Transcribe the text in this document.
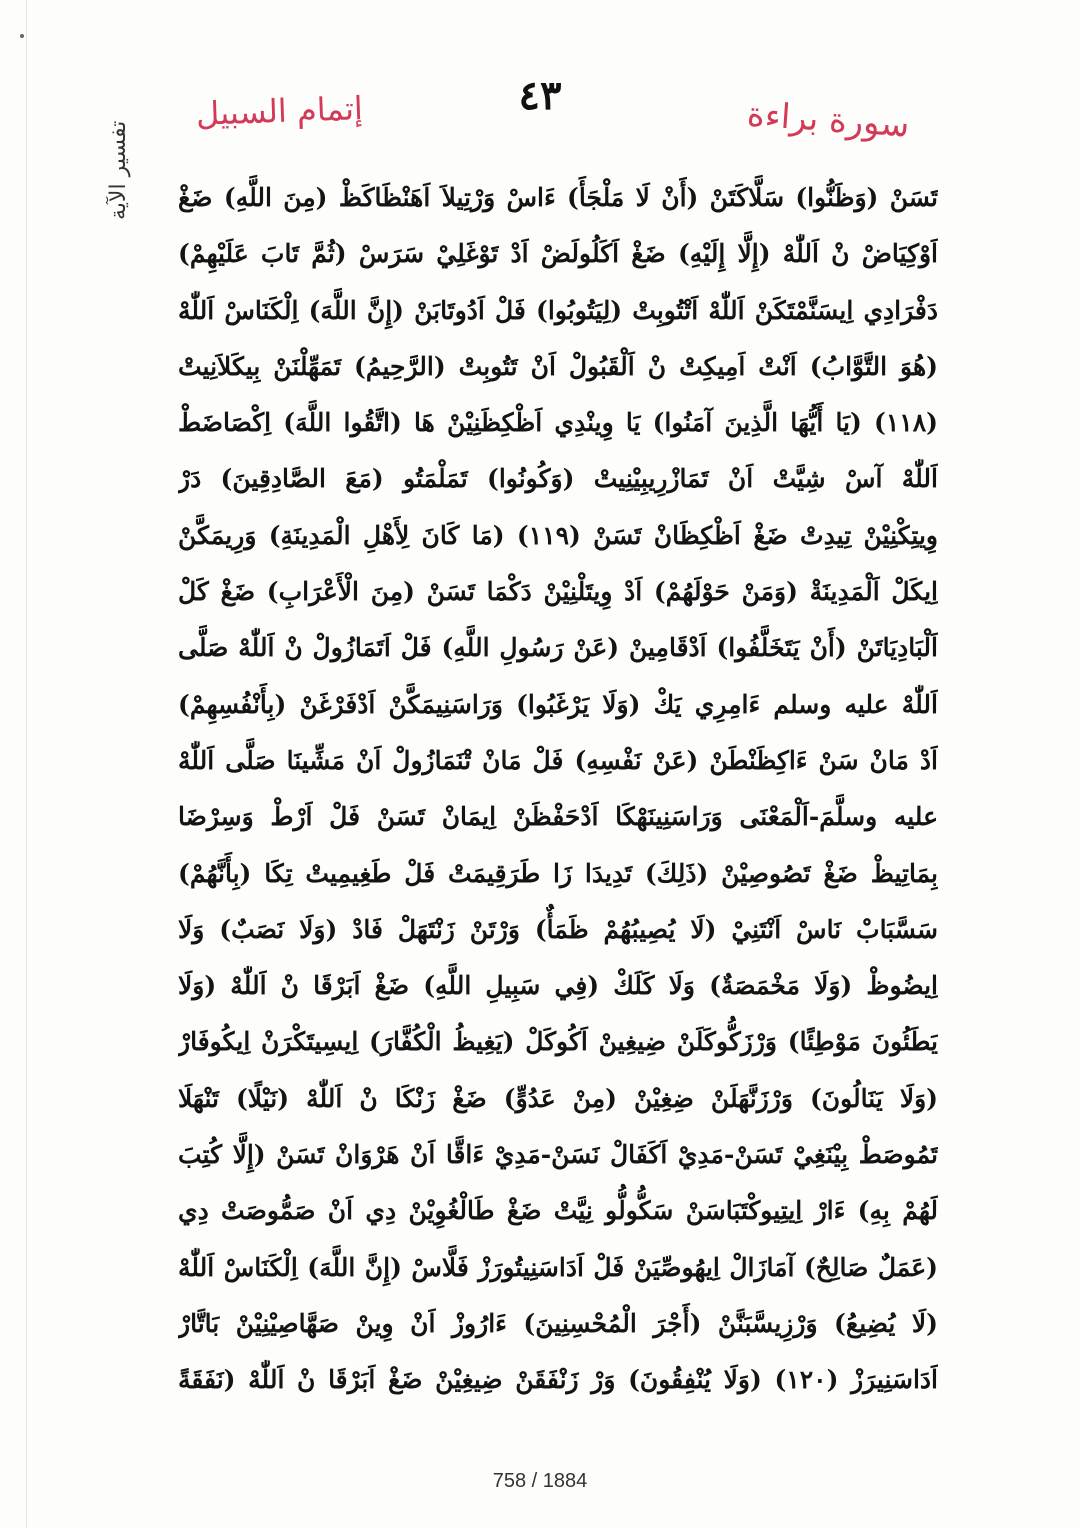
٤٣	سورة براءة
إتمام السبيل
تفسير الآية تَسَنْ (وَظَنُّوا) سَلَّاكَتَنْ (أَنْ لَا مَلْجَأَ) ءَاسْ وَرْتِيلاَ اَهَنْظَاكَظْ (مِنَ اللَّهِ) ضَغْ
اَوْكِيَاضْ نْ اَللّٰهْ (إِلَّا إِلَيْهِ) ضَغْ اَكَلُولَضْ اَدْ تَوْغَلِيْ سَرَسْ (ثُمَّ تَابَ عَلَيْهِمْ)
دَفْرَادِي اِيسَنَّمْتَكَنْ اَللّٰهْ اَتْتُوبِتْ (لِيَتُوبُوا) فَلْ اَدُوتَابَنْ (إِنَّ اللَّهَ) اِلْكَنَاسْ اَللّٰهْ
(هُوَ التَّوَّابُ) اَنْتْ اَمِيكِتْ نْ اَلْقَبُولْ اَنْ تَتُوبِتْ (الرَّحِيمُ) تَمَهِّلْنَنْ بِيكَلاَنِيتْ
(١١٨) (يَا أَيُّهَا الَّذِينَ آمَنُوا) يَا وِينْدِي اَظْكِظَنِيْنْ هَا (اتَّقُوا اللَّهَ) اِكْصَاضَطْ
اَللّٰهْ آسْ شِيَّتْ اَنْ تَمَازْرِيبِيْنِيتْ (وَكُونُوا) تَمَلْمَتُو (مَعَ الصَّادِقِينَ) دَرْ
وِيتِكْنِيْنْ تِيدِتْ ضَغْ اَظْكِظَانْ تَسَنْ (١١٩) (مَا كَانَ لِأَهْلِ الْمَدِينَةِ) وَرِيمَكَّنْ
اِيكَلْ اَلْمَدِينَةْ (وَمَنْ حَوْلَهُمْ) اَدْ وِيتَلْنِيْنْ دَكْمَا تَسَنْ (مِنَ الْأَعْرَابِ) ضَغْ كَلْ
اَلْبَادِيَاتَنْ (أَنْ يَتَخَلَّفُوا) اَدْقَامِينْ (عَنْ رَسُولِ اللَّهِ) فَلْ اَتَمَازُولْ نْ اَللّٰهْ صَلَّى
اَللّٰهْ عليه وسلم ءَامِرِي يَكْ (وَلَا يَرْغَبُوا) وَرَاسَنِيمَكَّنْ اَدْفَرْغَنْ (بِأَنْفُسِهِمْ)
اَدْ مَانْ سَنْ ءَاكِظَنْطَنْ (عَنْ نَفْسِهِ) فَلْ مَانْ تْنَمَازُولْ اَنْ مَشِّينَا صَلَّى اَللّٰهْ
عليه وسلَّمَ-اَلْمَعْنَى وَرَاسَنِينَهْكَا اَدْحَفْظَنْ اِيمَانْ تَسَنْ فَلْ اَرْطْ وَسِرْضَا
بِمَاتِيظْ ضَغْ تَصُوصِيْنْ (ذَلِكَ) تَدِيدَا زَا طَرَقِيمَتْ فَلْ طَغِيمِيتْ تِكَا (بِأَنَّهُمْ)
سَسَّبَابْ نَاسْ اَنْتَنِيْ (لَا يُصِيبُهُمْ ظَمَأٌ) وَرْتَنْ زَنْتَهَلْ فَادْ (وَلَا نَصَبٌ) وَلَا
اِيضُوظْ (وَلَا مَخْمَصَةٌ) وَلَا كَلَكْ (فِي سَبِيلِ اللَّهِ) ضَغْ اَبَرْقَا نْ اَللّٰهْ (وَلَا
يَطَئُونَ مَوْطِئًا) وَرْزَكُّوكَلَنْ ضِيغِينْ اَكُوكَلْ (يَغِيظُ الْكُفَّارَ) اِيسِيتَكْرَنْ اِيكُوفَارْ
(وَلَا يَنَالُونَ) وَرْزَنَّهَلَنْ ضِغِيْنْ (مِنْ عَدُوٍّ) ضَغْ زَنْكَا نْ اَللّٰهْ (نَيْلًا) تَنْهَلَا
تَمُوصَطْ بِيْنَغِيْ تَسَنْ-مَدِيْ اَكَفَالْ نَسَنْ-مَدِيْ ءَاقَّا اَنْ هَرْوَانْ تَسَنْ (إِلَّا كُتِبَ
لَهُمْ بِهِ) ءَارْ اِيتِيوكْتَبَاسَنْ سَكُّولُّو نِيَّتْ ضَغْ طَالْغُوِيْنْ دِي اَنْ صَمُّوصَتْ دِي
(عَمَلٌ صَالِحٌ) آمَازَالْ اِيهُوصِّيَنْ فَلْ اَدَاسَنِيتُورَزْ فَلَّاسْ (إِنَّ اللَّهَ) اِلْكَنَاسْ اَللّٰهْ
(لَا يُضِيعُ) وَرْزِيسَّبَنَّنْ (أَجْرَ الْمُحْسِنِينَ) ءَارُوزْ اَنْ وِينْ صَهَّاصِيْنِيْنْ بَاتَّارْ
اَدَاسَنِيرَزْ (١٢٠) (وَلَا يُنْفِقُونَ) وَرْ زَنْفَقَنْ ضِيغِيْنْ ضَغْ اَبَرْقَا نْ اَللّٰهْ (نَفَقَةً
758 / 1884
